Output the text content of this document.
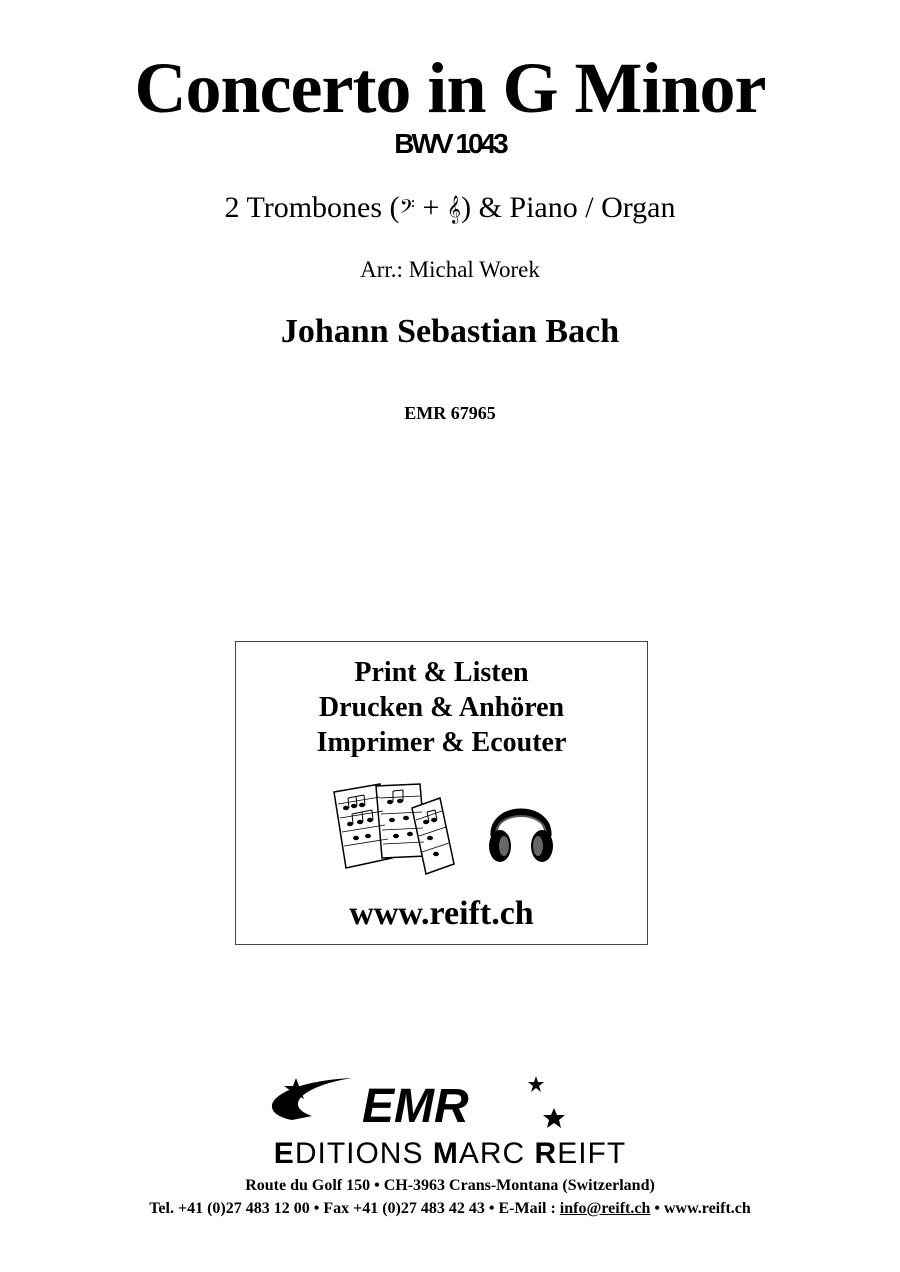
Concerto in G Minor
BWV 1043
2 Trombones (𝄢 + 𝄞) & Piano / Organ
Arr.: Michal Worek
Johann Sebastian Bach
EMR 67965
Print & Listen
Drucken & Anhören
Imprimer & Ecouter
www.reift.ch
EMR
EDITIONS MARC REIFT
Route du Golf 150 • CH-3963 Crans-Montana (Switzerland)
Tel. +41 (0)27 483 12 00 • Fax +41 (0)27 483 42 43 • E-Mail : info@reift.ch • www.reift.ch
